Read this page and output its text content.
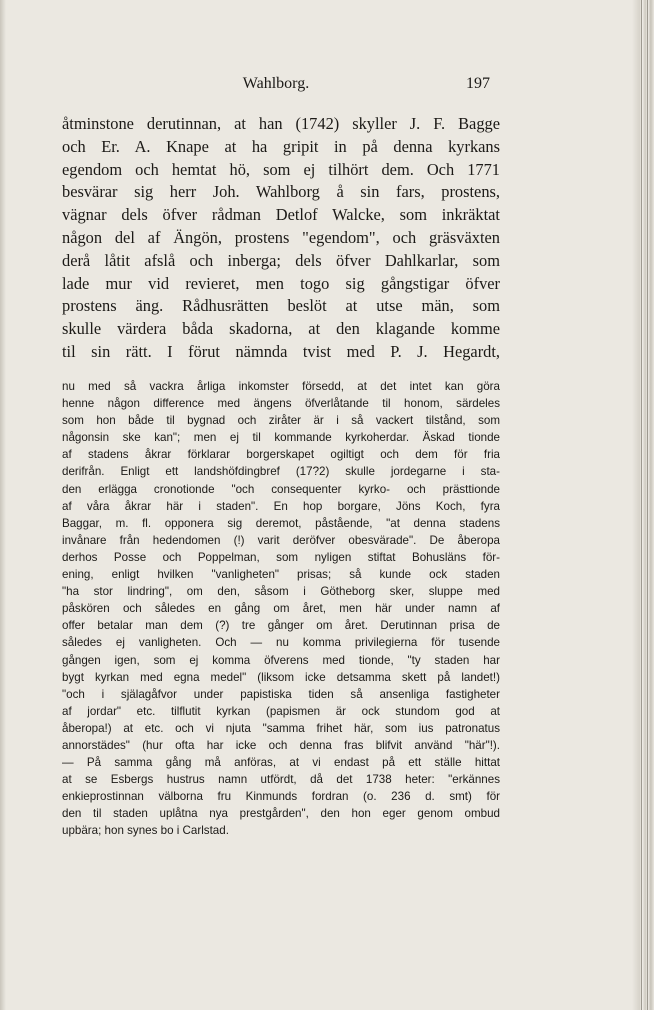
Wahlborg.	197
åtminstone derutinnan, at han (1742) skyller J. F. Bagge
och Er. A. Knape at ha gripit in på denna kyrkans
egendom och hemtat hö, som ej tilhört dem. Och 1771
besvärar sig herr Joh. Wahlborg å sin fars, prostens,
vägnar dels öfver rådman Detlof Walcke, som inkräktat
någon del af Ängön, prostens "egendom", och gräsväxten
derå låtit afslå och inberga; dels öfver Dahlkarlar, som
lade mur vid revieret, men togo sig gångstigar öfver
prostens äng. Rådhusrätten beslöt at utse män, som
skulle värdera båda skadorna, at den klagande komme
til sin rätt. I förut nämnda tvist med P. J. Hegardt,
nu med så vackra årliga inkomster försedd, at det intet kan göra
henne någon difference med ängens öfverlåtande til honom, särdeles
som hon både til bygnad och ziråter är i så vackert tilstånd, som
någonsin ske kan"; men ej til kommande kyrkoherdar. Äskad tionde
af stadens åkrar förklarar borgerskapet ogiltigt och dem för fria
derifrån. Enligt ett landshöfdingbref (17?2) skulle jordegarne i sta-
den erlägga cronotionde "och consequenter kyrko- och prästtionde
af våra åkrar här i staden". En hop borgare, Jöns Koch, fyra
Baggar, m. fl. opponera sig deremot, påstående, "at denna stadens
invånare från hedendomen (!) varit deröfver obesvärade". De åberopa
derhos Posse och Poppelman, som nyligen stiftat Bohusläns för-
ening, enligt hvilken "vanligheten" prisas; så kunde ock staden
"ha stor lindring", om den, såsom i Götheborg sker, sluppe med
påskören och således en gång om året, men här under namn af
offer betalar man dem (?) tre gånger om året. Derutinnan prisa de
således ej vanligheten. Och — nu komma privilegierna för tusende
gången igen, som ej komma öfverens med tionde, "ty staden har
bygt kyrkan med egna medel" (liksom icke detsamma skett på landet!)
"och i själagåfvor under papistiska tiden så ansenliga fastigheter
af jordar" etc. tilflutit kyrkan (papismen är ock stundom god at
åberopa!) at etc. och vi njuta "samma frihet här, som ius patronatus
annorstädes" (hur ofta har icke och denna fras blifvit använd "här"!).
— På samma gång må anföras, at vi endast på ett ställe hittat
at se Esbergs hustrus namn utfördt, då det 1738 heter: "erkännes
enkieprostinnan välborna fru Kinmunds fordran (o. 236 d. smt) för
den til staden uplåtna nya prestgården", den hon eger genom ombud
upbära; hon synes bo i Carlstad.
